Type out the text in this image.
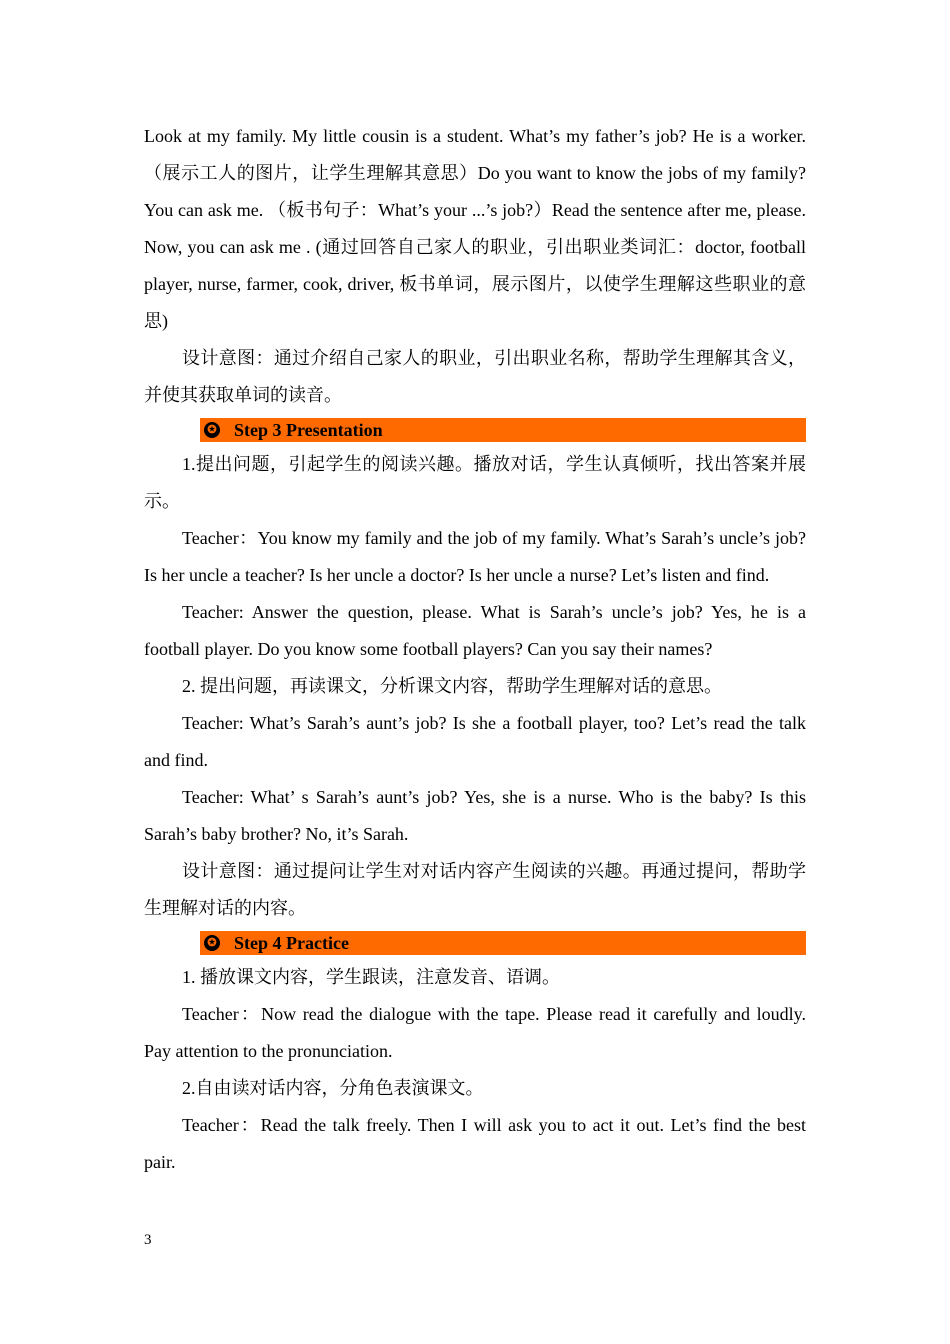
Look at my family. My little cousin is a student. What’s my father’s job? He is a worker. （展示工人的图片，让学生理解其意思）Do you want to know the jobs of my family? You can ask me. （板书句子：What’s your ...’s job?）Read the sentence after me, please. Now, you can ask me . (通过回答自己家人的职业，引出职业类词汇：doctor, football player, nurse, farmer, cook, driver, 板书单词，展示图片，以使学生理解这些职业的意思)

设计意图：通过介绍自己家人的职业，引出职业名称，帮助学生理解其含义，并使其获取单词的读音。

✪ Step 3 Presentation

1.提出问题，引起学生的阅读兴趣。播放对话，学生认真倾听，找出答案并展示。

Teacher：You know my family and the job of my family. What’s Sarah’s uncle’s job? Is her uncle a teacher? Is her uncle a doctor? Is her uncle a nurse? Let’s listen and find.

Teacher: Answer the question, please. What is Sarah’s uncle’s job? Yes, he is a football player. Do you know some football players? Can you say their names?

2. 提出问题，再读课文，分析课文内容，帮助学生理解对话的意思。

Teacher: What’s Sarah’s aunt’s job? Is she a football player, too? Let’s read the talk and find.

Teacher: What’ s Sarah’s aunt’s job? Yes, she is a nurse. Who is the baby? Is this Sarah’s baby brother? No, it’s Sarah.

设计意图：通过提问让学生对对话内容产生阅读的兴趣。再通过提问，帮助学生理解对话的内容。

✪ Step 4 Practice

1. 播放课文内容，学生跟读，注意发音、语调。

Teacher：Now read the dialogue with the tape. Please read it carefully and loudly. Pay attention to the pronunciation.

2.自由读对话内容，分角色表演课文。

Teacher：Read the talk freely. Then I will ask you to act it out. Let’s find the best pair.

3
